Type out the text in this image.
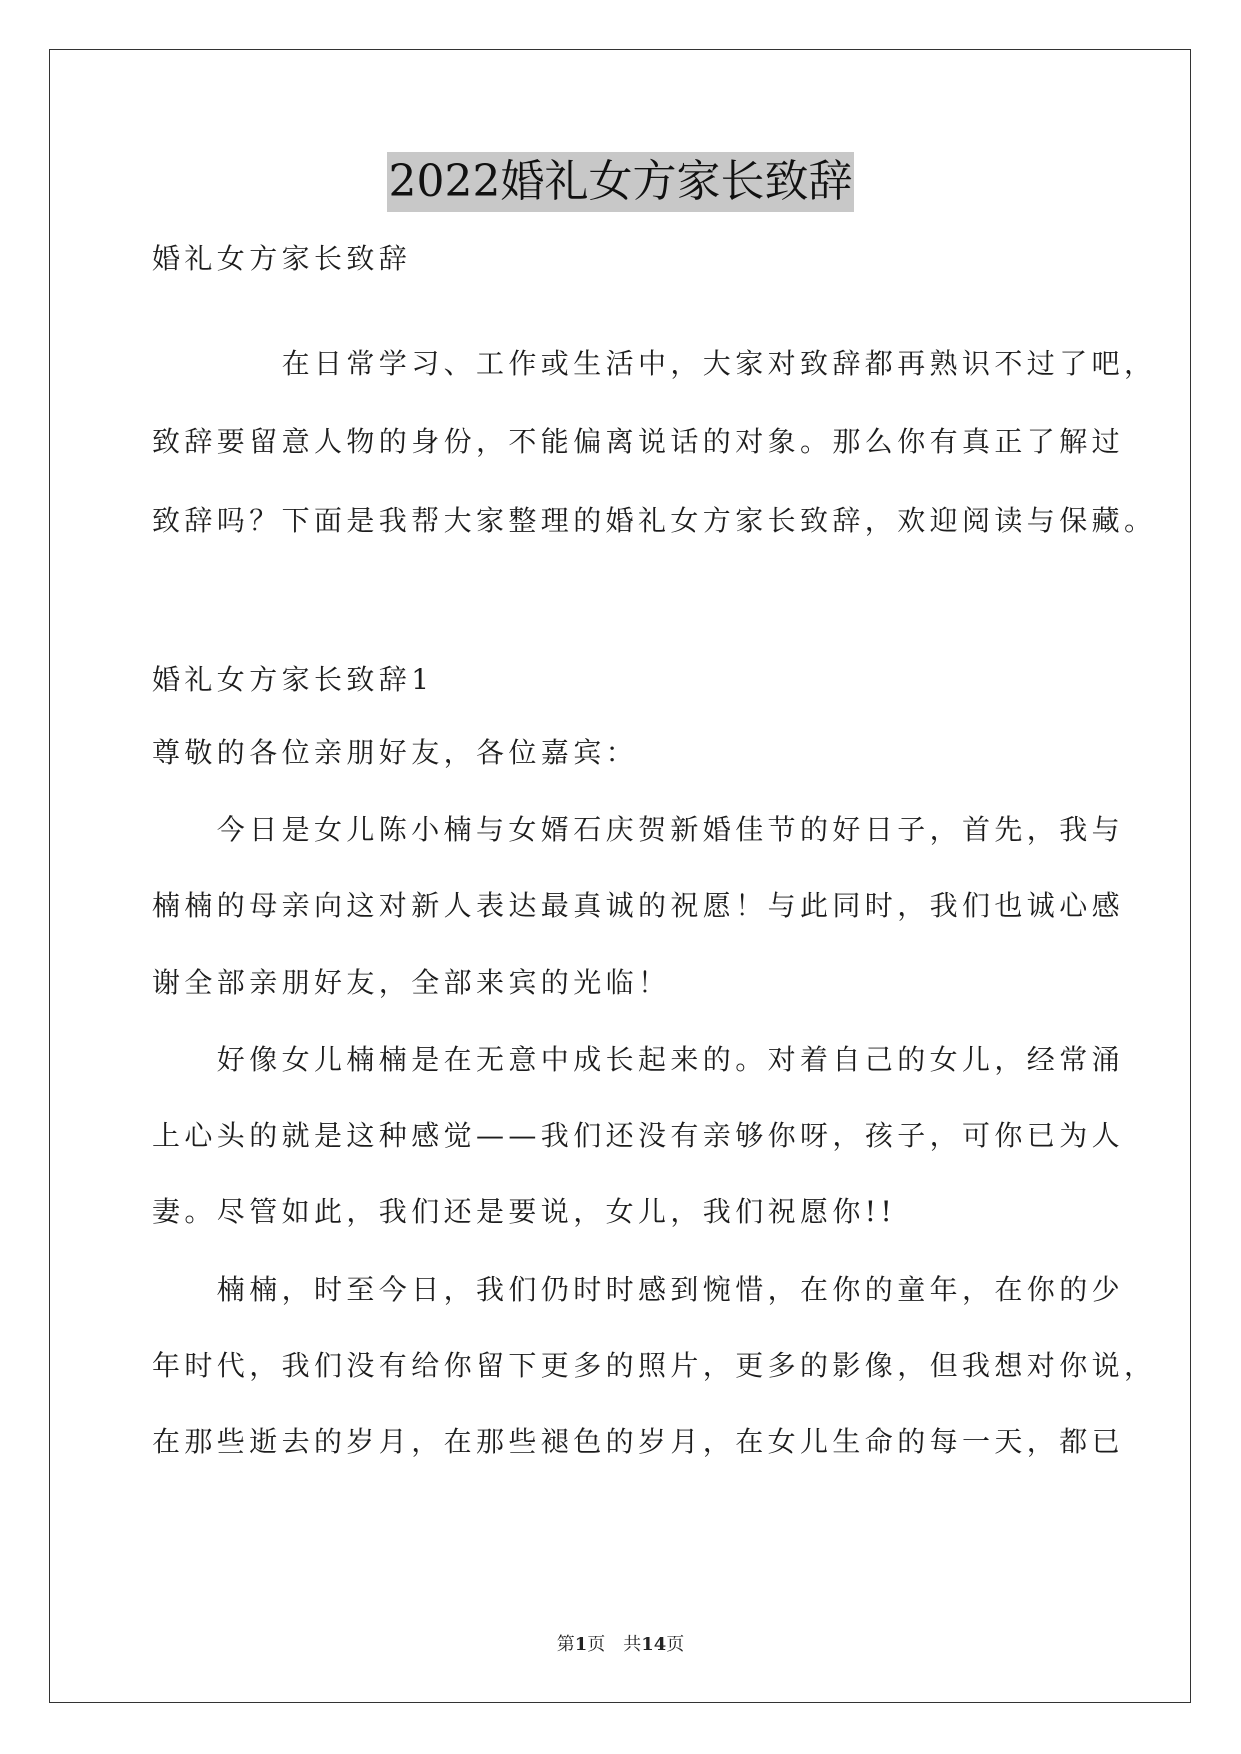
2022婚礼女方家长致辞
婚礼女方家长致辞
　　　　在日常学习、工作或生活中，大家对致辞都再熟识不过了吧，
致辞要留意人物的身份，不能偏离说话的对象。那么你有真正了解过
致辞吗？下面是我帮大家整理的婚礼女方家长致辞，欢迎阅读与保藏。
婚礼女方家长致辞1
尊敬的各位亲朋好友，各位嘉宾：
　　今日是女儿陈小楠与女婿石庆贺新婚佳节的好日子，首先，我与
楠楠的母亲向这对新人表达最真诚的祝愿！与此同时，我们也诚心感
谢全部亲朋好友，全部来宾的光临！
　　好像女儿楠楠是在无意中成长起来的。对着自己的女儿，经常涌
上心头的就是这种感觉——我们还没有亲够你呀，孩子，可你已为人
妻。尽管如此，我们还是要说，女儿，我们祝愿你!!
　　楠楠，时至今日，我们仍时时感到惋惜，在你的童年，在你的少
年时代，我们没有给你留下更多的照片，更多的影像，但我想对你说，
在那些逝去的岁月，在那些褪色的岁月，在女儿生命的每一天，都已
第1页　共14页
